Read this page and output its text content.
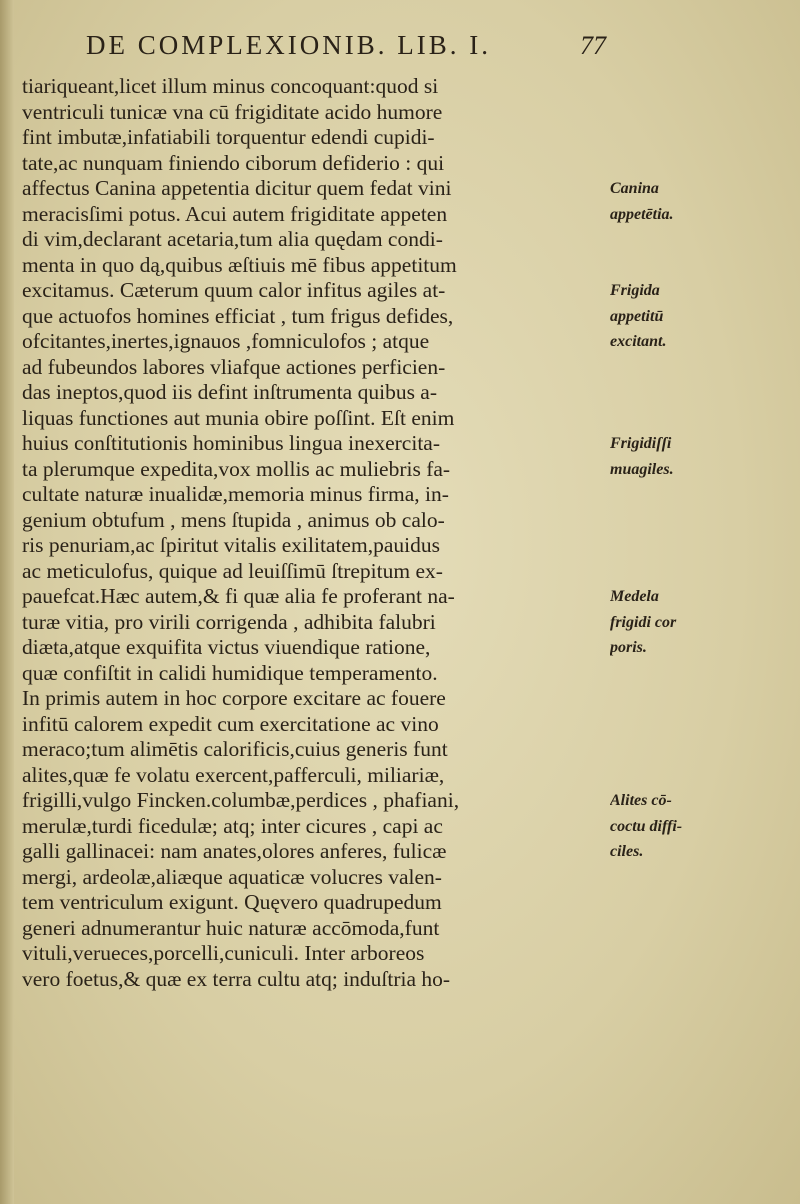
DE COMPLEXIONIB. LIB. I.	77
tiariqueant,licet illum minus concoquant:quod si
ventriculi tunicæ vna cū frigiditate acido humore
fint imbutæ,infatiabili torquentur edendi cupidi-
tate,ac nunquam finiendo ciborum defiderio : qui
affectus Canina appetentia dicitur quem fedat vini
meracisſimi potus. Acui autem frigiditate appeten
di vim,declarant acetaria,tum alia quędam condi-
menta in quo dą,quibus æſtiuis mē fibus appetitum
excitamus. Cæterum quum calor infitus agiles at-
que actuofos homines efficiat , tum frigus defides,
ofcitantes,inertes,ignauos ,fomniculofos ; atque
ad fubeundos labores vliafque actiones perficien-
das ineptos,quod iis defint inſtrumenta quibus a-
liquas functiones aut munia obire poſſint. Eſt enim
huius conſtitutionis hominibus lingua inexercita-
ta plerumque expedita,vox mollis ac muliebris fa-
cultate naturæ inualidæ,memoria minus firma, in-
genium obtufum , mens ſtupida , animus ob calo-
ris penuriam,ac ſpiritut vitalis exilitatem,pauidus
ac meticulofus, quique ad leuiſſimū ſtrepitum ex-
pauefcat.Hæc autem,& fi quæ alia fe proferant na-
turæ vitia, pro virili corrigenda , adhibita falubri
diæta,atque exquifita victus viuendique ratione,
quæ confiſtit in calidi humidique temperamento.
In primis autem in hoc corpore excitare ac fouere
infitū calorem expedit cum exercitatione ac vino
meraco;tum alimētis calorificis,cuius generis funt
alites,quæ fe volatu exercent,pafferculi, miliariæ,
frigilli,vulgo Fincken.columbæ,perdices , phafiani,
merulæ,turdi ficedulæ; atq; inter cicures , capi ac
galli gallinacei: nam anates,olores anferes, fulicæ
mergi, ardeolæ,aliæque aquaticæ volucres valen-
tem ventriculum exigunt. Quęvero quadrupedum
generi adnumerantur huic naturæ accōmoda,funt
vituli,verueces,porcelli,cuniculi. Inter arboreos
vero foetus,& quæ ex terra cultu atq; induſtria ho-
Canina
appetētia.
Frigida
appetitū
excitant.
Frigidiſſi
muagiles.
Medela
frigidi cor
poris.
Alites cō-
coctu diffi-
ciles.
